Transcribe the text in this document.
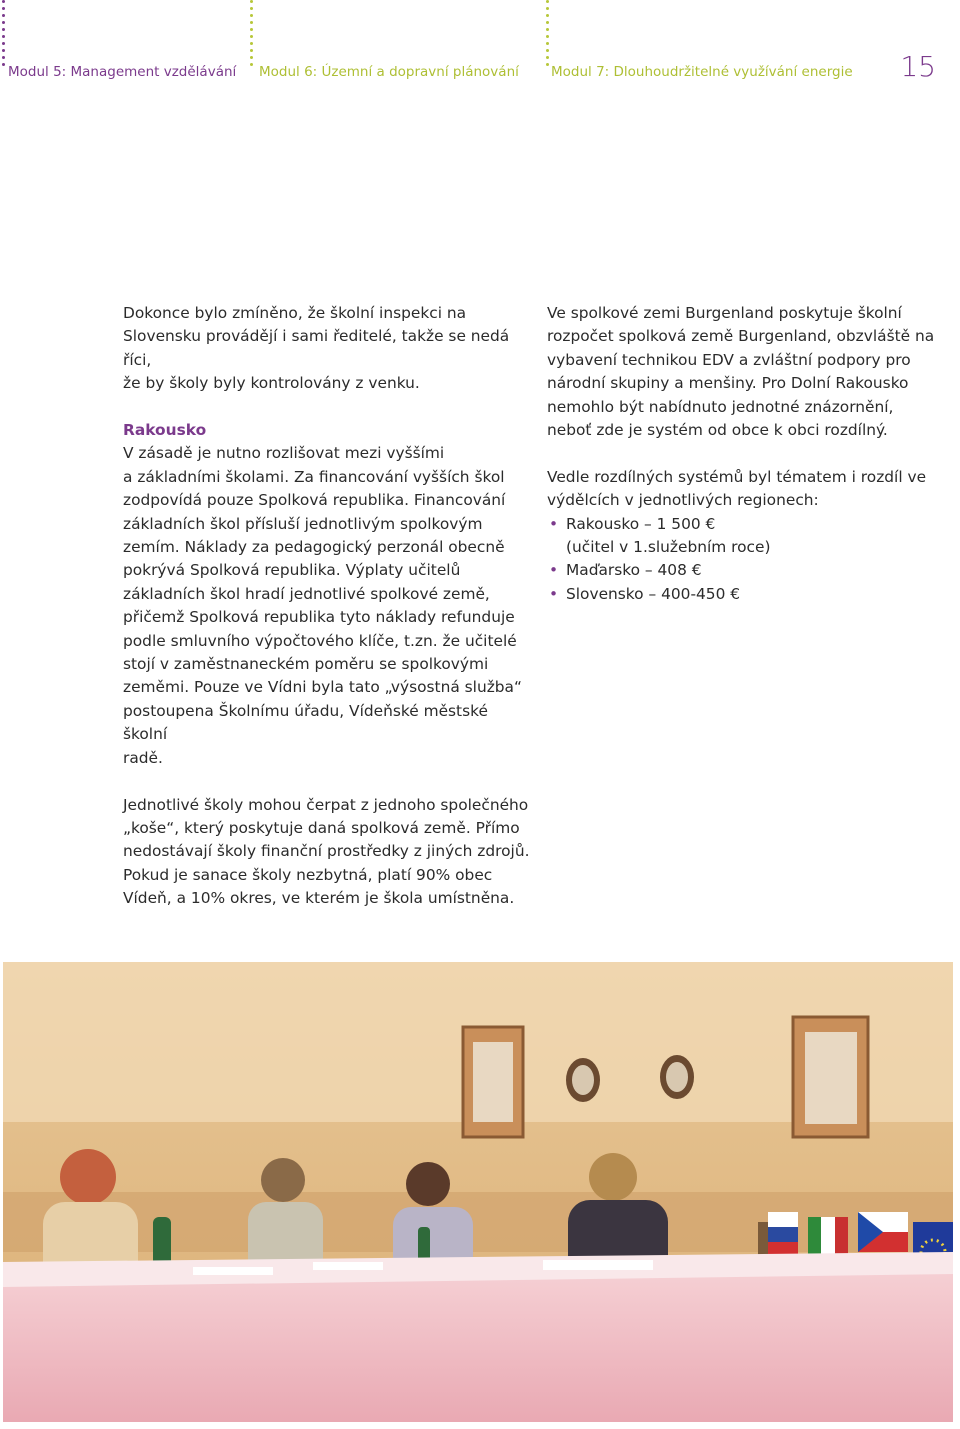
Modul 5: Management vzdělávání Modul 6: Územní a dopravní plánování Modul 7: Dlouhoudržitelné využívání energie 15

Dokonce bylo zmíněno, že školní inspekci na
Slovensku provádějí i sami ředitelé, takže se nedá říci,
že by školy byly kontrolovány z venku.

Rakousko

V zásadě je nutno rozlišovat mezi vyššími
a základními školami. Za financování vyšších škol
zodpovídá pouze Spolková republika. Financování
základních škol přísluší jednotlivým spolkovým
zemím. Náklady za pedagogický perzonál obecně
pokrývá Spolková republika. Výplaty učitelů
základních škol hradí jednotlivé spolkové země,
přičemž Spolková republika tyto náklady refunduje
podle smluvního výpočtového klíče, t.zn. že učitelé
stojí v zaměstnaneckém poměru se spolkovými
zeměmi. Pouze ve Vídni byla tato „výsostná služba“
postoupena Školnímu úřadu, Vídeňské městské školní
radě.

Jednotlivé školy mohou čerpat z jednoho společného
„koše“, který poskytuje daná spolková země. Přímo
nedostávají školy finanční prostředky z jiných zdrojů.
Pokud je sanace školy nezbytná, platí 90% obec
Vídeň, a 10% okres, ve kterém je škola umístněna.

Ve spolkové zemi Burgenland poskytuje školní
rozpočet spolková země Burgenland, obzvláště na
vybavení technikou EDV a zvláštní podpory pro
národní skupiny a menšiny. Pro Dolní Rakousko
nemohlo být nabídnuto jednotné znázornění,
neboť zde je systém od obce k obci rozdílný.

Vedle rozdílných systémů byl tématem i rozdíl ve
výdělcích v jednotlivých regionech:

• Rakousko – 1 500 €
(učitel v 1.služebním roce)
• Maďarsko – 408 €
• Slovensko – 400-450 €
